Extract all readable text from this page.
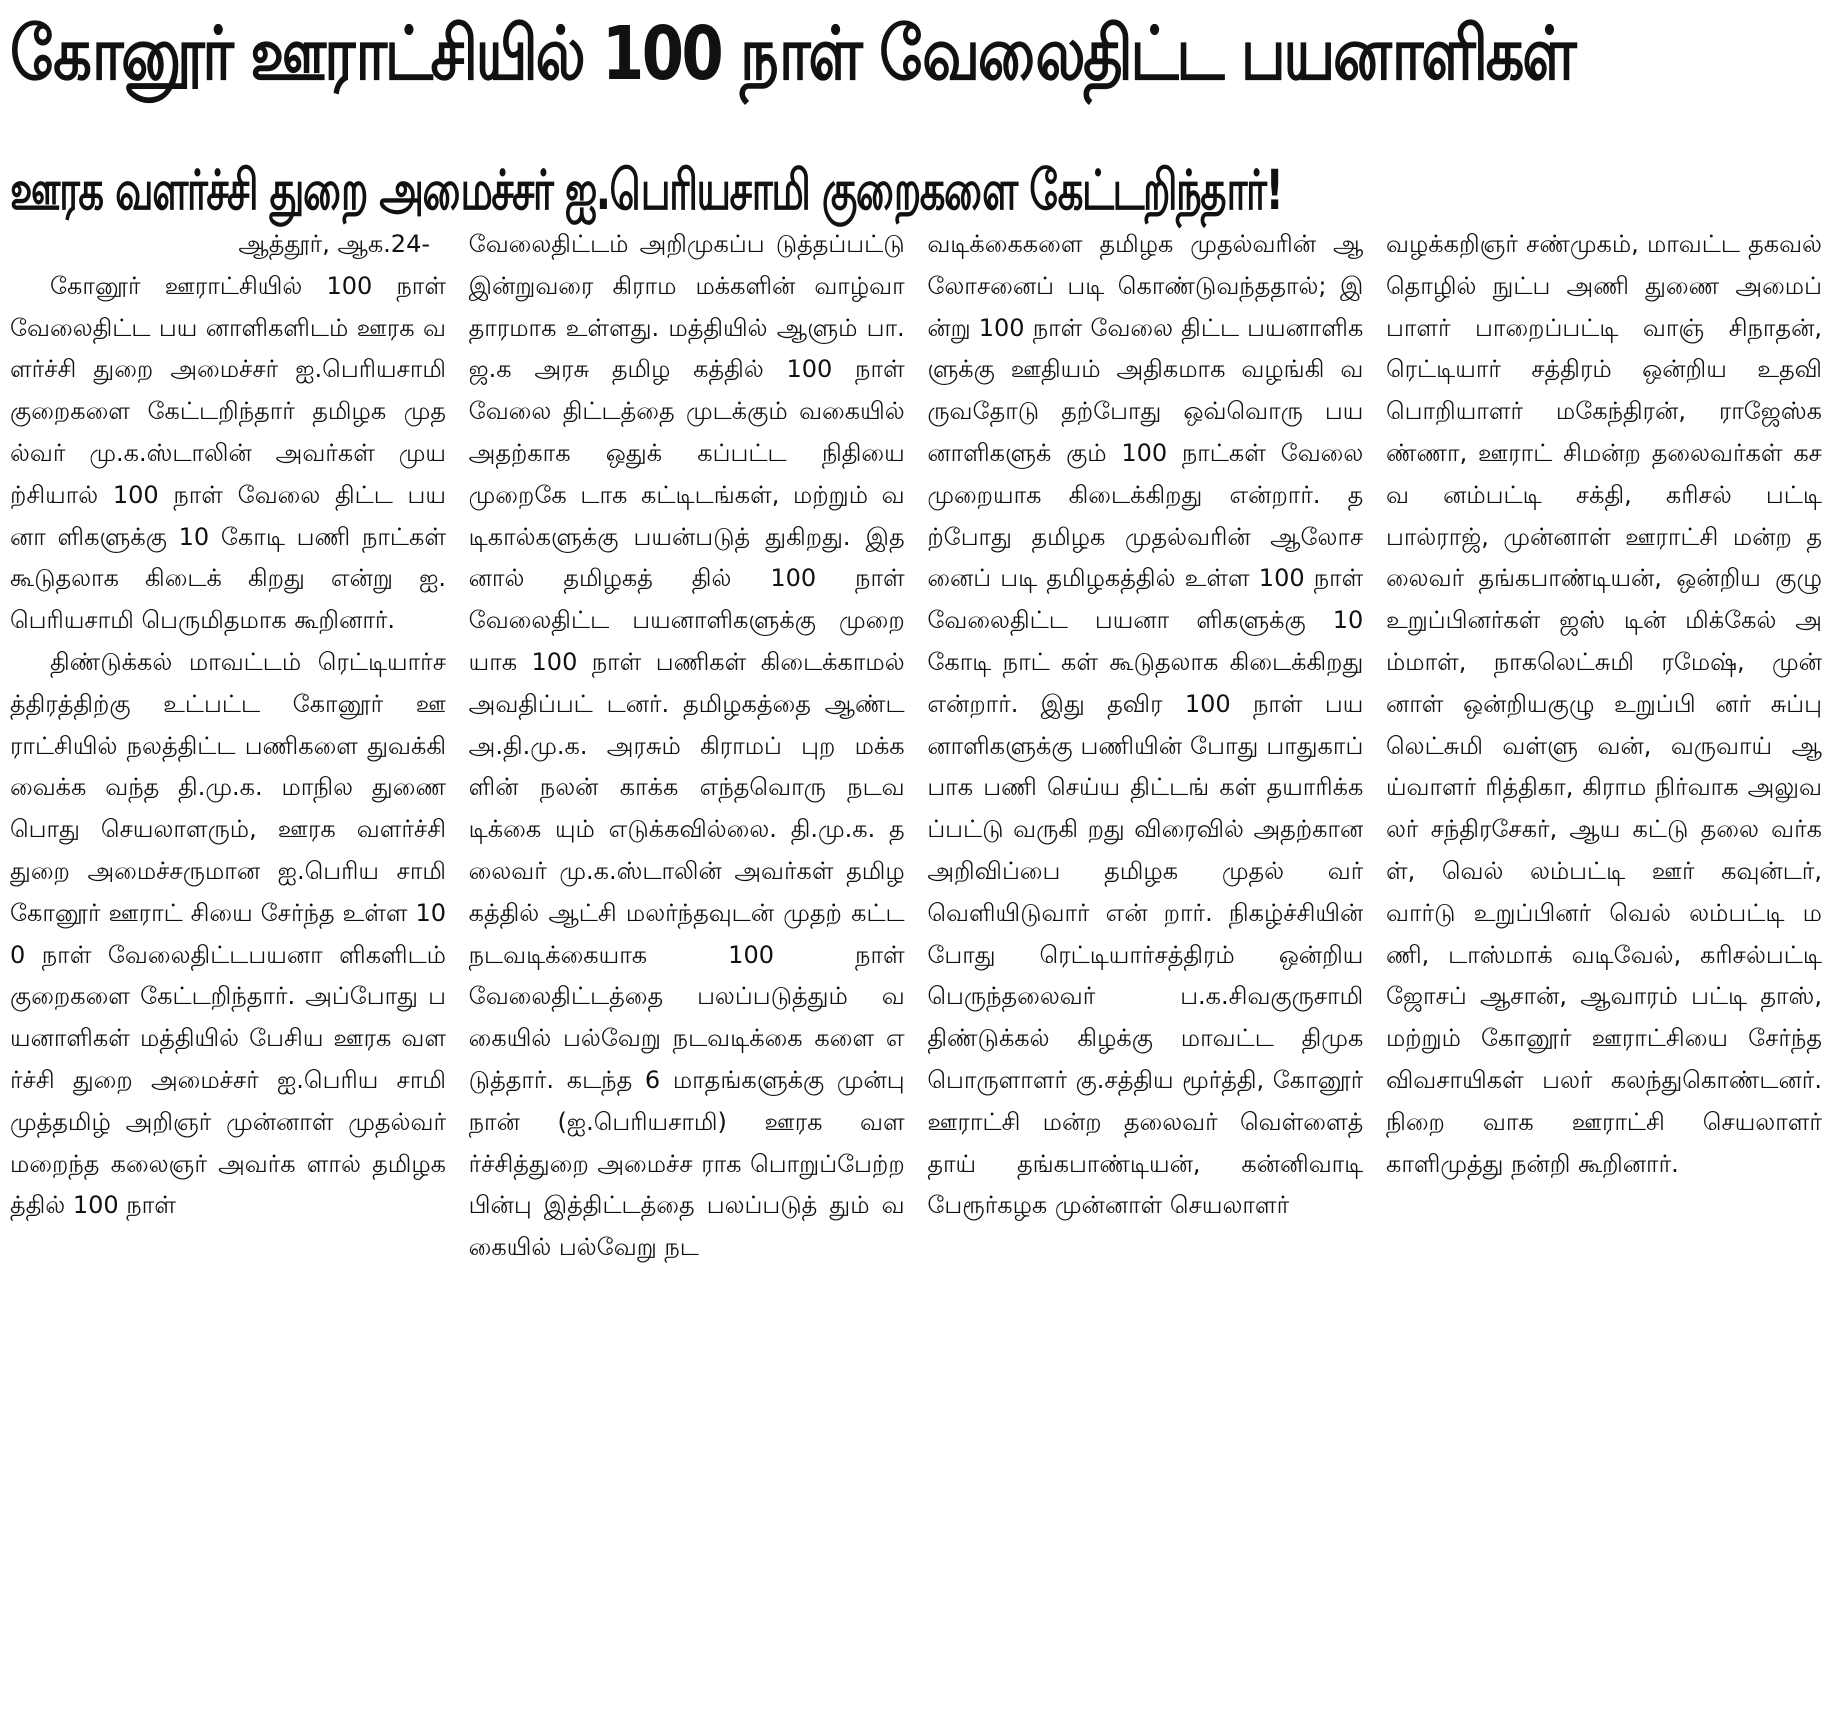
கோனூர் ஊராட்சியில் 100 நாள் வேலைதிட்ட பயனாளிகள்
ஊரக வளர்ச்சி துறை அமைச்சர் ஐ.பெரியசாமி குறைகளை கேட்டறிந்தார்!

ஆத்தூர், ஆக.24-

கோனூர் ஊராட்சியில் 100 நாள் வேலைதிட்ட பய னாளிகளிடம் ஊரக வளர்ச்சி துறை அமைச்சர் ஐ.பெரியசாமி குறைகளை கேட்டறிந்தார் தமிழக முதல்வர் மு.க.ஸ்டாலின் அவர்கள் முயற்சியால் 100 நாள் வேலை திட்ட பயனா ளிகளுக்கு 10 கோடி பணி நாட்கள் கூடுதலாக கிடைக் கிறது என்று ஐ.பெரியசாமி பெருமிதமாக கூறினார்.

திண்டுக்கல் மாவட்டம் ரெட்டியார்சத்திரத்திற்கு உட்பட்ட கோனூர் ஊராட்சியில் நலத்திட்ட பணிகளை துவக்கி வைக்க வந்த தி.மு.க. மாநில துணை பொது செயலாளரும், ஊரக வளர்ச்சி துறை அமைச்சருமான ஐ.பெரிய சாமி கோனூர் ஊராட் சியை சேர்ந்த உள்ள 100 நாள் வேலைதிட்டபயனா ளிகளிடம் குறைகளை கேட்டறிந்தார். அப்போது பயனாளிகள் மத்தியில் பேசிய ஊரக வளர்ச்சி துறை அமைச்சர் ஐ.பெரிய சாமி முத்தமிழ் அறிஞர் முன்னாள் முதல்வர் மறைந்த கலைஞர் அவர்க ளால் தமிழகத்தில் 100 நாள்

வேலைதிட்டம் அறிமுகப்ப டுத்தப்பட்டு இன்றுவரை கிராம மக்களின் வாழ்வா தாரமாக உள்ளது. மத்தியில் ஆளும் பா.ஜ.க அரசு தமிழ கத்தில் 100 நாள் வேலை திட்டத்தை முடக்கும் வகையில் அதற்காக ஒதுக் கப்பட்ட நிதியை முறைகே டாக கட்டிடங்கள், மற்றும் வடிகால்களுக்கு பயன்படுத் துகிறது. இதனால் தமிழகத் தில் 100 நாள் வேலைதிட்ட பயனாளிகளுக்கு முறை யாக 100 நாள் பணிகள் கிடைக்காமல் அவதிப்பட் டனர். தமிழகத்தை ஆண்ட அ.தி.மு.க. அரசும் கிராமப் புற மக்களின் நலன் காக்க எந்தவொரு நடவடிக்கை யும் எடுக்கவில்லை. தி.மு.க. தலைவர் மு.க.ஸ்டாலின் அவர்கள் தமிழகத்தில் ஆட்சி மலர்ந்தவுடன் முதற் கட்ட நடவடிக்கையாக 100 நாள் வேலைதிட்டத்தை பலப்படுத்தும் வகையில் பல்வேறு நடவடிக்கை களை எடுத்தார். கடந்த 6 மாதங்களுக்கு முன்பு நான் (ஐ.பெரியசாமி) ஊரக வளர்ச்சித்துறை அமைச்ச ராக பொறுப்பேற்ற பின்பு இத்திட்டத்தை பலப்படுத் தும் வகையில் பல்வேறு நட

வடிக்கைகளை தமிழக முதல்வரின் ஆலோசனைப் படி கொண்டுவந்ததால்; இன்று 100 நாள் வேலை திட்ட பயனாளிகளுக்கு ஊதியம் அதிகமாக வழங்கி வருவதோடு தற்போது ஒவ்வொரு பயனாளிகளுக் கும் 100 நாட்கள் வேலை முறையாக கிடைக்கிறது என்றார். தற்போது தமிழக முதல்வரின் ஆலோசனைப் படி தமிழகத்தில் உள்ள 100 நாள் வேலைதிட்ட பயனா ளிகளுக்கு 10 கோடி நாட் கள் கூடுதலாக கிடைக்கிறது என்றார். இது தவிர 100 நாள் பயனாளிகளுக்கு பணியின் போது பாதுகாப் பாக பணி செய்ய திட்டங் கள் தயாரிக்கப்பட்டு வருகி றது விரைவில் அதற்கான அறிவிப்பை தமிழக முதல் வர் வெளியிடுவார் என் றார். நிகழ்ச்சியின் போது ரெட்டியார்சத்திரம் ஒன்றிய பெருந்தலைவர் ப.க.சிவகுருசாமி திண்டுக்கல் கிழக்கு மாவட்ட திமுக பொருளாளர் கு.சத்திய மூர்த்தி, கோனூர் ஊராட்சி மன்ற தலைவர் வெள்ளைத் தாய் தங்கபாண்டியன், கன்னிவாடி பேரூர்கழக முன்னாள் செயலாளர்

வழக்கறிஞர் சண்முகம், மாவட்ட தகவல் தொழில் நுட்ப அணி துணை அமைப் பாளர் பாறைப்பட்டி வாஞ் சிநாதன், ரெட்டியார் சத்திரம் ஒன்றிய உதவி பொறியாளர் மகேந்திரன், ராஜேஸ்கண்ணா, ஊராட் சிமன்ற தலைவர்கள் கசவ னம்பட்டி சக்தி, கரிசல் பட்டி பால்ராஜ், முன்னாள் ஊராட்சி மன்ற தலைவர் தங்கபாண்டியன், ஒன்றிய குழு உறுப்பினர்கள் ஜஸ் டின் மிக்கேல் அம்மாள், நாகலெட்சுமி ரமேஷ், முன் னாள் ஒன்றியகுழு உறுப்பி னர் சுப்பு லெட்சுமி வள்ளு வன், வருவாய் ஆய்வாளர் ரித்திகா, கிராம நிர்வாக அலுவலர் சந்திரசேகர், ஆய கட்டு தலை வர்கள், வெல் லம்பட்டி ஊர் கவுன்டர், வார்டு உறுப்பினர் வெல் லம்பட்டி மணி, டாஸ்மாக் வடிவேல், கரிசல்பட்டி ஜோசப் ஆசான், ஆவாரம் பட்டி தாஸ், மற்றும் கோனூர் ஊராட்சியை சேர்ந்த விவசாயிகள் பலர் கலந்துகொண்டனர். நிறை வாக ஊராட்சி செயலாளர் காளிமுத்து நன்றி கூறினார்.
